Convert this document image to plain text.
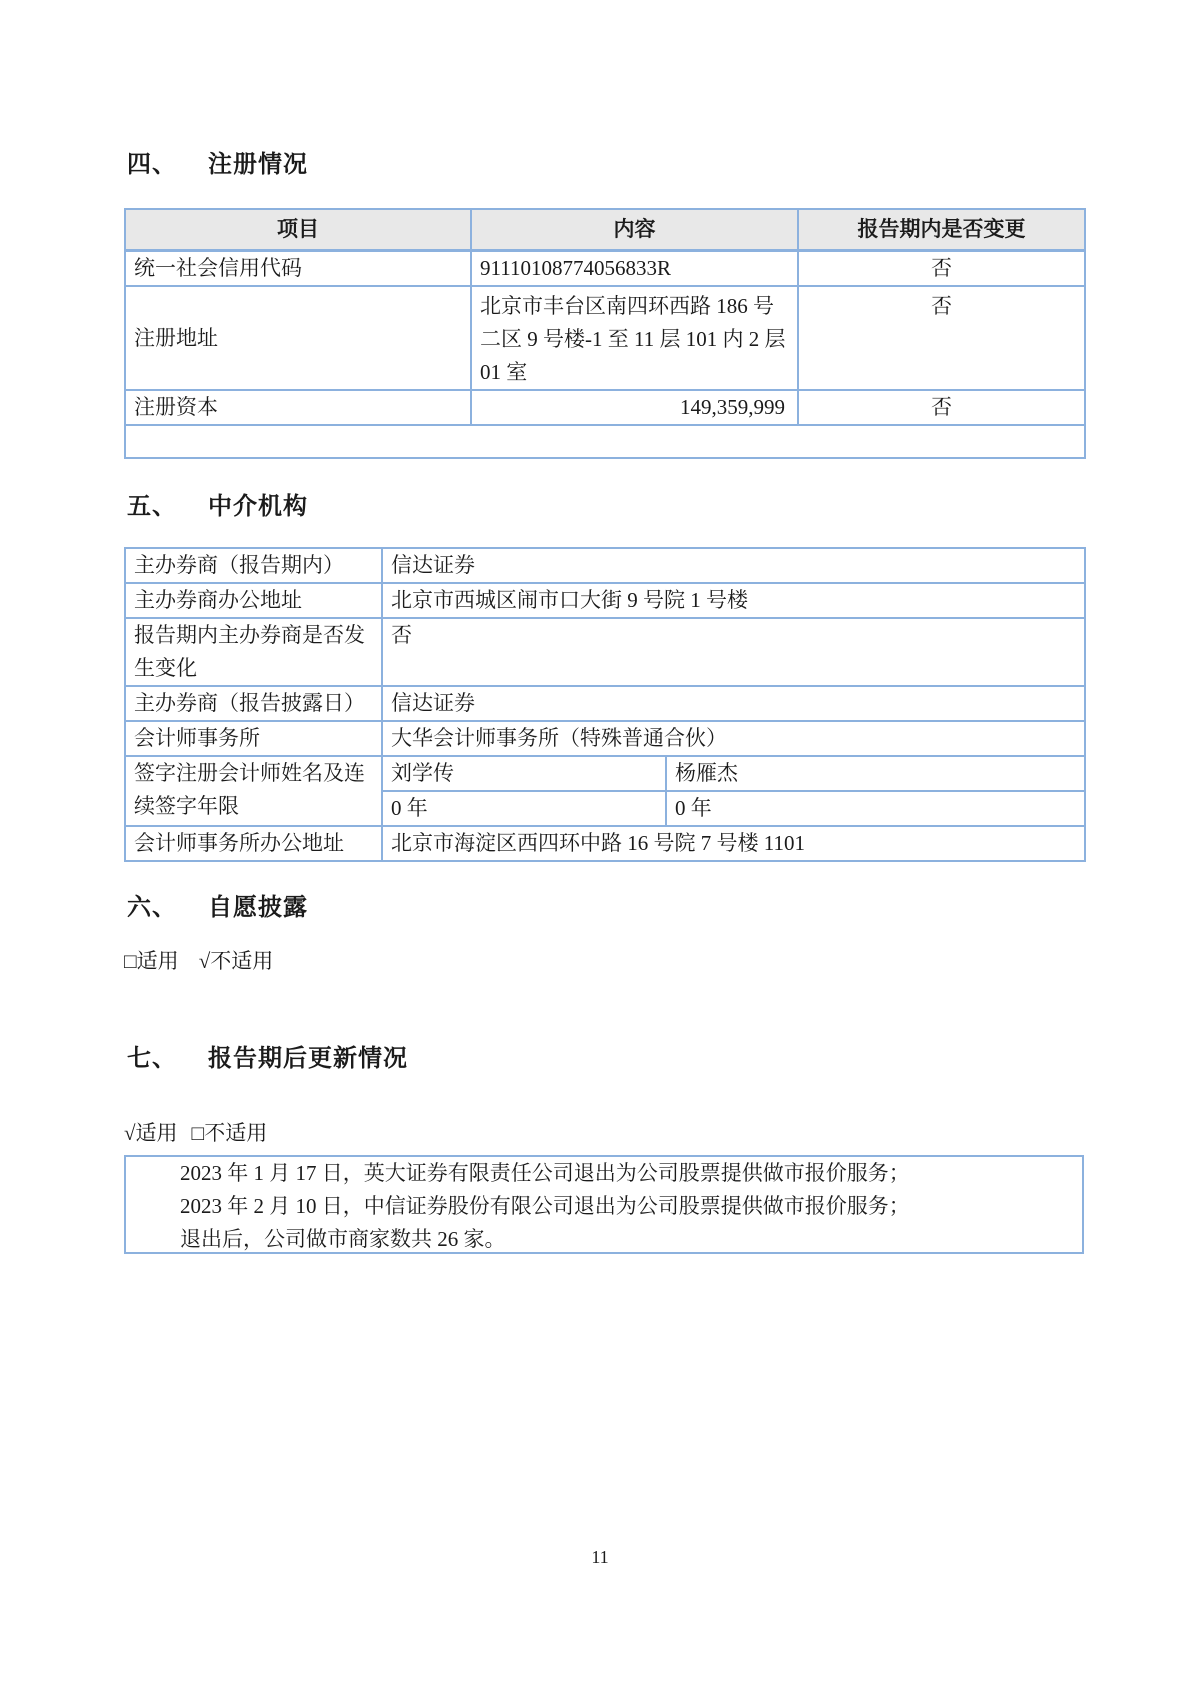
四、 注册情况
项目	内容	报告期内是否变更
统一社会信用代码	91110108774056833R	否
注册地址	北京市丰台区南四环西路 186 号二区 9 号楼-1 至 11 层 101 内 2 层 01 室	否
注册资本	149,359,999	否

五、 中介机构
主办券商（报告期内）	信达证券	
主办券商办公地址	北京市西城区闹市口大街 9 号院 1 号楼	
报告期内主办券商是否发生变化	否	
主办券商（报告披露日）	信达证券	
会计师事务所	大华会计师事务所（特殊普通合伙）	
签字注册会计师姓名及连续签字年限	刘学传	杨雁杰
	0 年	0 年
会计师事务所办公地址	北京市海淀区西四环中路 16 号院 7 号楼 1101	
六、 自愿披露
□适用 √不适用
七、 报告期后更新情况
√适用 □不适用

2023 年 1 月 17 日，英大证券有限责任公司退出为公司股票提供做市报价服务；

2023 年 2 月 10 日，中信证券股份有限公司退出为公司股票提供做市报价服务；

退出后，公司做市商家数共 26 家。

11
